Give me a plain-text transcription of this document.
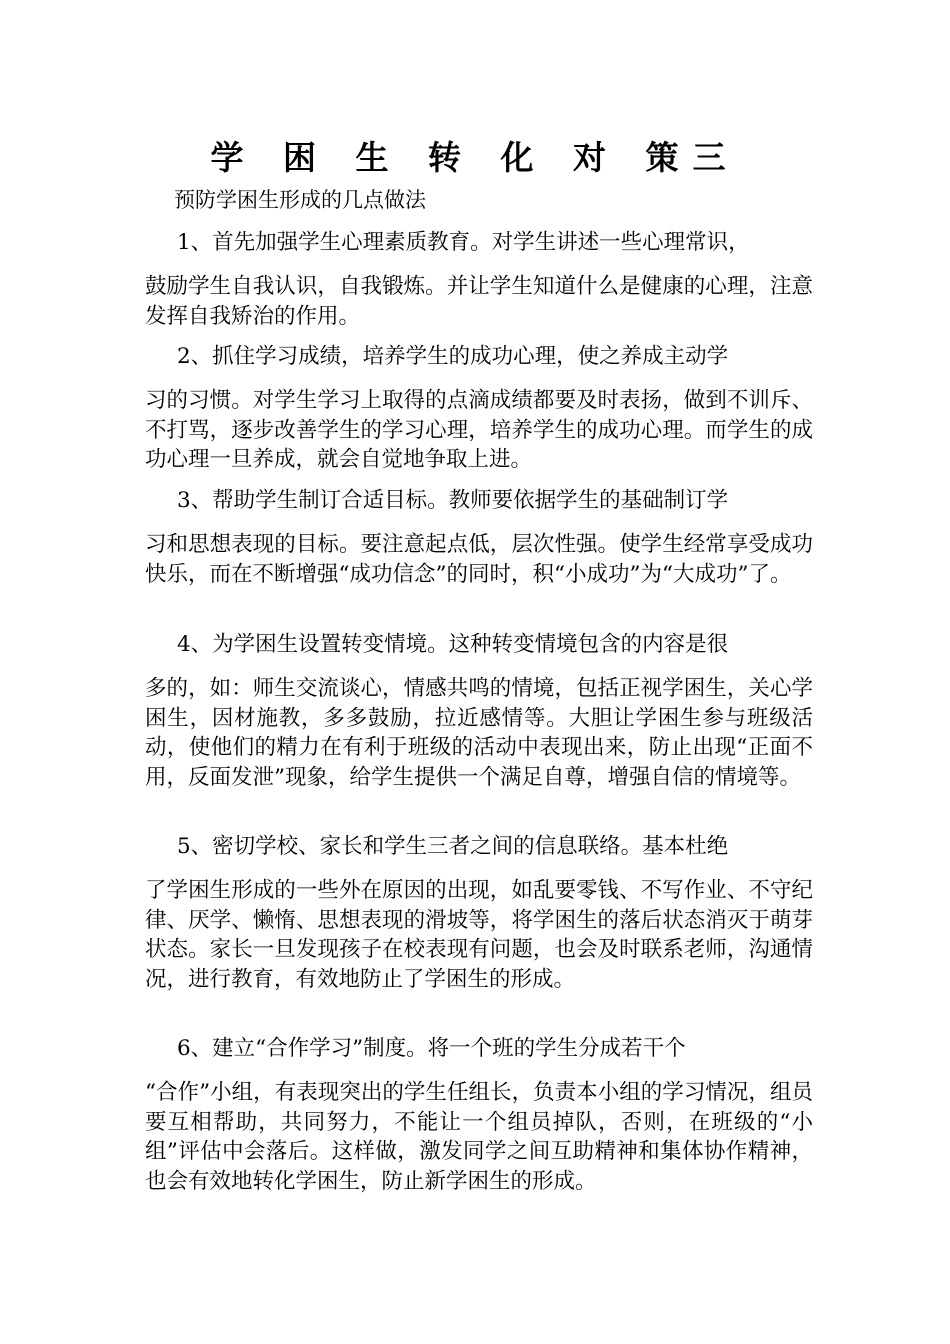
学 困 生 转 化 对 策三

预防学困生形成的几点做法

1、首先加强学生心理素质教育。对学生讲述一些心理常识，
鼓励学生自我认识，自我锻炼。并让学生知道什么是健康的心理，注意发挥自我矫治的作用。
2、抓住学习成绩，培养学生的成功心理，使之养成主动学
习的习惯。对学生学习上取得的点滴成绩都要及时表扬，做到不训斥、不打骂，逐步改善学生的学习心理，培养学生的成功心理。而学生的成功心理一旦养成，就会自觉地争取上进。
3、帮助学生制订合适目标。教师要依据学生的基础制订学
习和思想表现的目标。要注意起点低，层次性强。使学生经常享受成功快乐，而在不断增强“成功信念”的同时，积“小成功”为“大成功”了。
4、为学困生设置转变情境。这种转变情境包含的内容是很
多的，如：师生交流谈心，情感共鸣的情境，包括正视学困生，关心学困生，因材施教，多多鼓励，拉近感情等。大胆让学困生参与班级活动，使他们的精力在有利于班级的活动中表现出来，防止出现“正面不用，反面发泄”现象，给学生提供一个满足自尊，增强自信的情境等。
5、密切学校、家长和学生三者之间的信息联络。基本杜绝
了学困生形成的一些外在原因的出现，如乱要零钱、不写作业、不守纪律、厌学、懒惰、思想表现的滑坡等，将学困生的落后状态消灭于萌芽状态。家长一旦发现孩子在校表现有问题，也会及时联系老师，沟通情况，进行教育，有效地防止了学困生的形成。
6、建立“合作学习”制度。将一个班的学生分成若干个
“合作”小组，有表现突出的学生任组长，负责本小组的学习情况，组员要互相帮助，共同努力，不能让一个组员掉队，否则，在班级的“小组”评估中会落后。这样做，激发同学之间互助精神和集体协作精神，也会有效地转化学困生，防止新学困生的形成。
